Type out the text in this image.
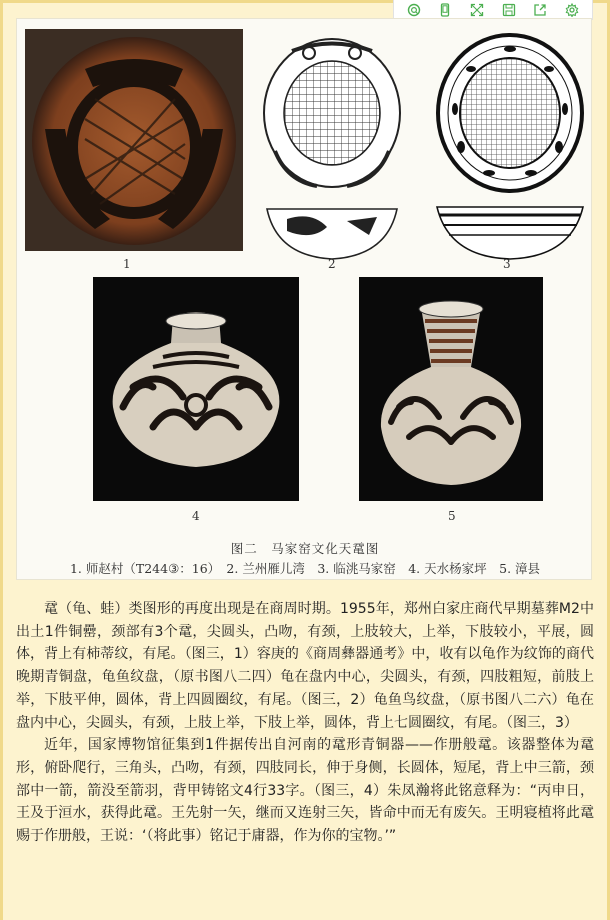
1	2	3
4	5
图二　马家窑文化天鼋图
1. 师赵村（T244③：16）　2. 兰州雁儿湾　3. 临洮马家窑　4. 天水杨家坪　5. 漳县

鼋（龟、蛙）类图形的再度出现是在商周时期。1955年，郑州白家庄商代早期墓葬M2中出土1件铜罍，颈部有3个鼋，尖圆头，凸吻，有颈，上肢较大，上举，下肢较小，平展，圆体，背上有柿蒂纹，有尾。（图三，1）容庚的《商周彝器通考》中，收有以龟作为纹饰的商代晚期青铜盘，龟鱼纹盘，（原书图八二四）龟在盘内中心，尖圆头，有颈，四肢粗短，前肢上举，下肢平伸，圆体，背上四圆圈纹，有尾。（图三，2）龟鱼鸟纹盘，（原书图八二六）龟在盘内中心，尖圆头，有颈，上肢上举，下肢上举，圆体，背上七圆圈纹，有尾。（图三，3）

近年，国家博物馆征集到1件据传出自河南的鼋形青铜器——作册般鼋。该器整体为鼋形，俯卧爬行，三角头，凸吻，有颈，四肢同长，伸于身侧，长圆体，短尾，背上中三箭，颈部中一箭，箭没至箭羽，背甲铸铭文4行33字。（图三，4）朱凤瀚将此铭意释为：“丙申日，王及于洹水，获得此鼋。王先射一矢，继而又连射三矢，皆命中而无有废矢。王明寝植将此鼋赐于作册般，王说：‘（将此事）铭记于庸器，作为你的宝物。’”
